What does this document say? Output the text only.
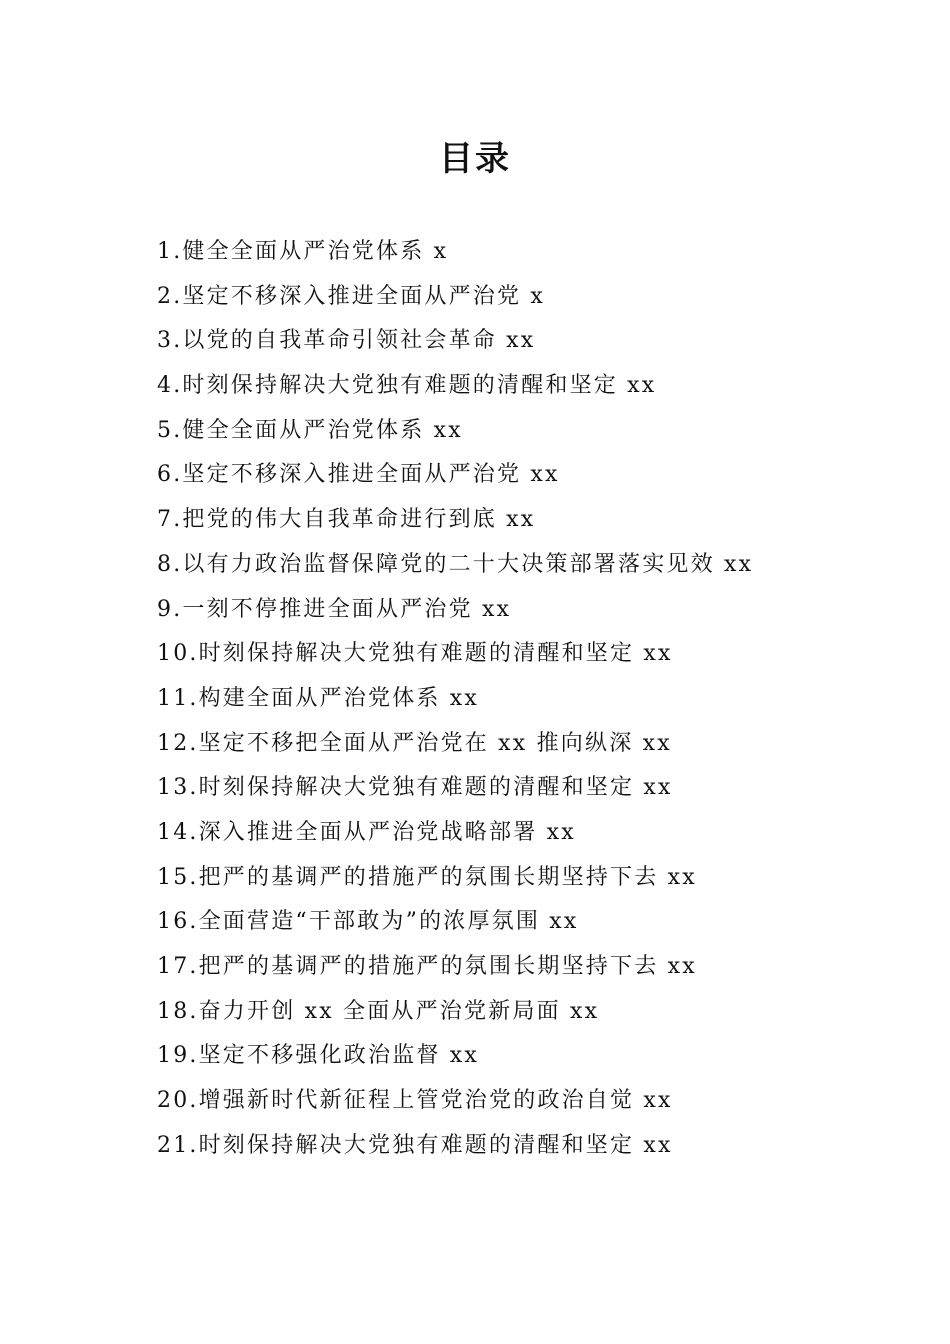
目录
1.健全全面从严治党体系 x
2.坚定不移深入推进全面从严治党 x
3.以党的自我革命引领社会革命 xx
4.时刻保持解决大党独有难题的清醒和坚定 xx
5.健全全面从严治党体系 xx
6.坚定不移深入推进全面从严治党 xx
7.把党的伟大自我革命进行到底 xx
8.以有力政治监督保障党的二十大决策部署落实见效 xx
9.一刻不停推进全面从严治党 xx
10.时刻保持解决大党独有难题的清醒和坚定 xx
11.构建全面从严治党体系 xx
12.坚定不移把全面从严治党在 xx 推向纵深 xx
13.时刻保持解决大党独有难题的清醒和坚定 xx
14.深入推进全面从严治党战略部署 xx
15.把严的基调严的措施严的氛围长期坚持下去 xx
16.全面营造“干部敢为”的浓厚氛围 xx
17.把严的基调严的措施严的氛围长期坚持下去 xx
18.奋力开创 xx 全面从严治党新局面 xx
19.坚定不移强化政治监督 xx
20.增强新时代新征程上管党治党的政治自觉 xx
21.时刻保持解决大党独有难题的清醒和坚定 xx
